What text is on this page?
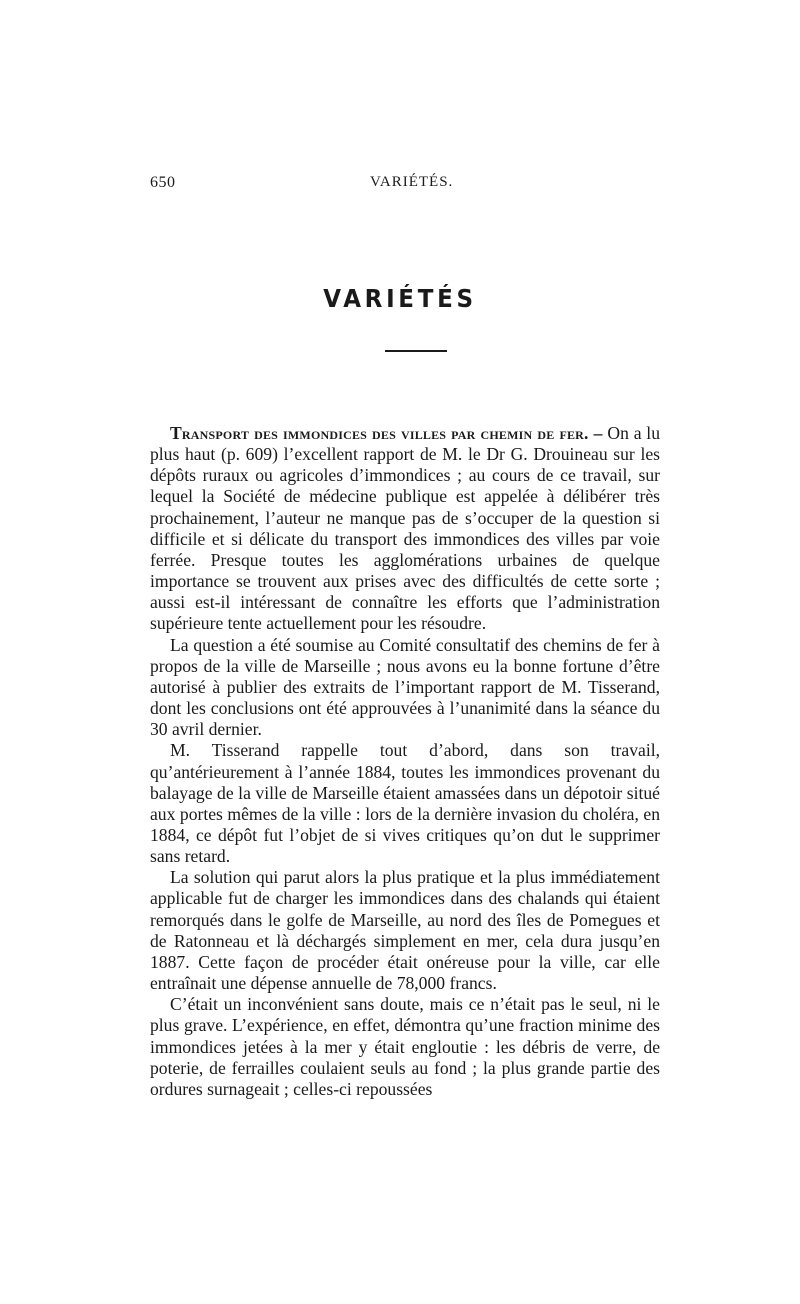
650	VARIÉTÉS.
VARIÉTÉS

Transport des immondices des villes par chemin de fer. – On a lu plus haut (p. 609) l’excellent rapport de M. le Dr G. Drouineau sur les dépôts ruraux ou agricoles d’immondices ; au cours de ce travail, sur lequel la Société de médecine publique est appelée à délibérer très prochainement, l’auteur ne manque pas de s’occuper de la question si difficile et si délicate du transport des immondices des villes par voie ferrée. Presque toutes les agglomérations urbaines de quelque importance se trouvent aux prises avec des difficultés de cette sorte ; aussi est-il intéressant de connaître les efforts que l’administration supérieure tente actuellement pour les résoudre.

La question a été soumise au Comité consultatif des chemins de fer à propos de la ville de Marseille ; nous avons eu la bonne fortune d’être autorisé à publier des extraits de l’important rapport de M. Tisserand, dont les conclusions ont été approuvées à l’unanimité dans la séance du 30 avril dernier.

M. Tisserand rappelle tout d’abord, dans son travail, qu’antérieurement à l’année 1884, toutes les immondices provenant du balayage de la ville de Marseille étaient amassées dans un dépotoir situé aux portes mêmes de la ville : lors de la dernière invasion du choléra, en 1884, ce dépôt fut l’objet de si vives critiques qu’on dut le supprimer sans retard.

La solution qui parut alors la plus pratique et la plus immédiatement applicable fut de charger les immondices dans des chalands qui étaient remorqués dans le golfe de Marseille, au nord des îles de Pomegues et de Ratonneau et là déchargés simplement en mer, cela dura jusqu’en 1887. Cette façon de procéder était onéreuse pour la ville, car elle entraînait une dépense annuelle de 78,000 francs.

C’était un inconvénient sans doute, mais ce n’était pas le seul, ni le plus grave. L’expérience, en effet, démontra qu’une fraction minime des immondices jetées à la mer y était engloutie : les débris de verre, de poterie, de ferrailles coulaient seuls au fond ; la plus grande partie des ordures surnageait ; celles-ci repoussées
